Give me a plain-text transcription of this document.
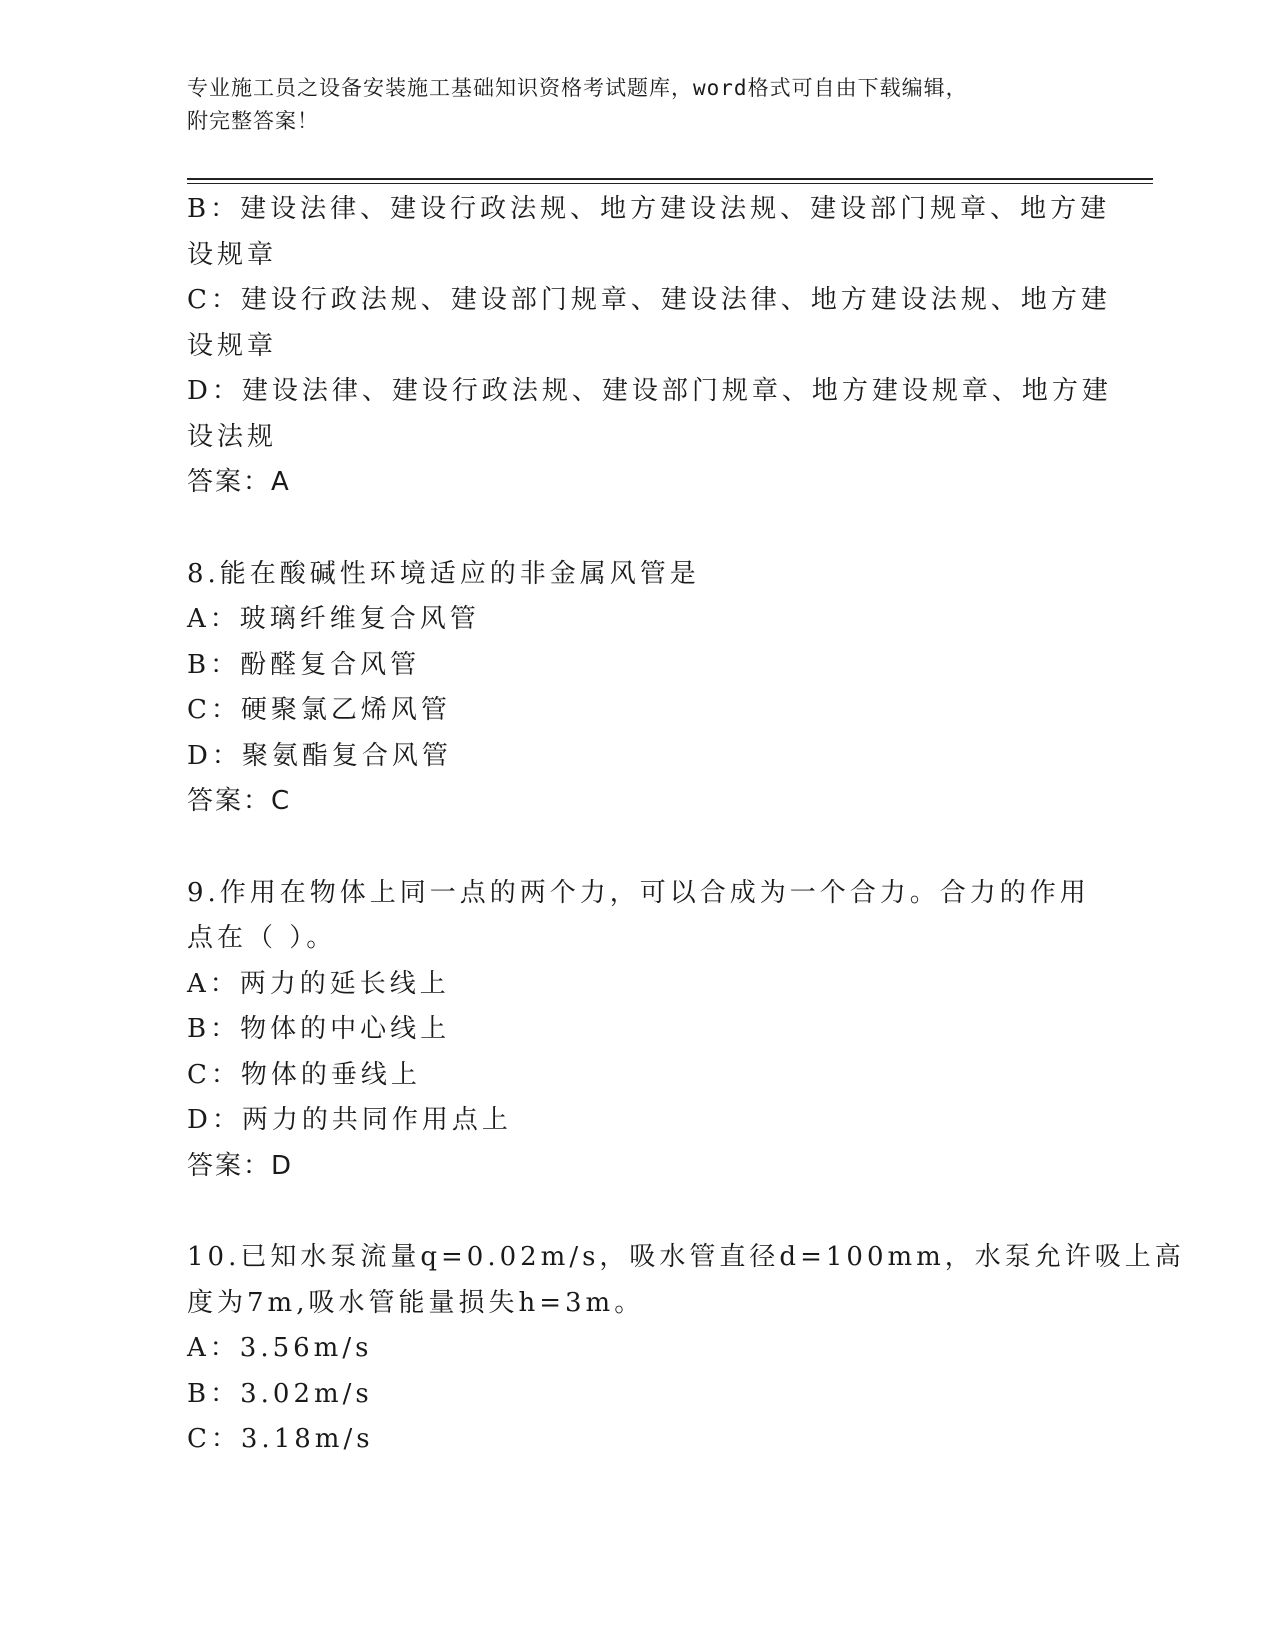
专业施工员之设备安装施工基础知识资格考试题库，word格式可自由下载编辑，
附完整答案！
B：建设法律、建设行政法规、地方建设法规、建设部门规章、地方建
设规章
C：建设行政法规、建设部门规章、建设法律、地方建设法规、地方建
设规章
D：建设法律、建设行政法规、建设部门规章、地方建设规章、地方建
设法规
答案：A
8.能在酸碱性环境适应的非金属风管是
A：玻璃纤维复合风管
B：酚醛复合风管
C：硬聚氯乙烯风管
D：聚氨酯复合风管
答案：C
9.作用在物体上同一点的两个力，可以合成为一个合力。合力的作用
点在（ ）。
A：两力的延长线上
B：物体的中心线上
C：物体的垂线上
D：两力的共同作用点上
答案：D
10.已知水泵流量q=0.02m/s，吸水管直径d=100mm，水泵允许吸上高
度为7m,吸水管能量损失h=3m。
A：3.56m/s
B：3.02m/s
C：3.18m/s
